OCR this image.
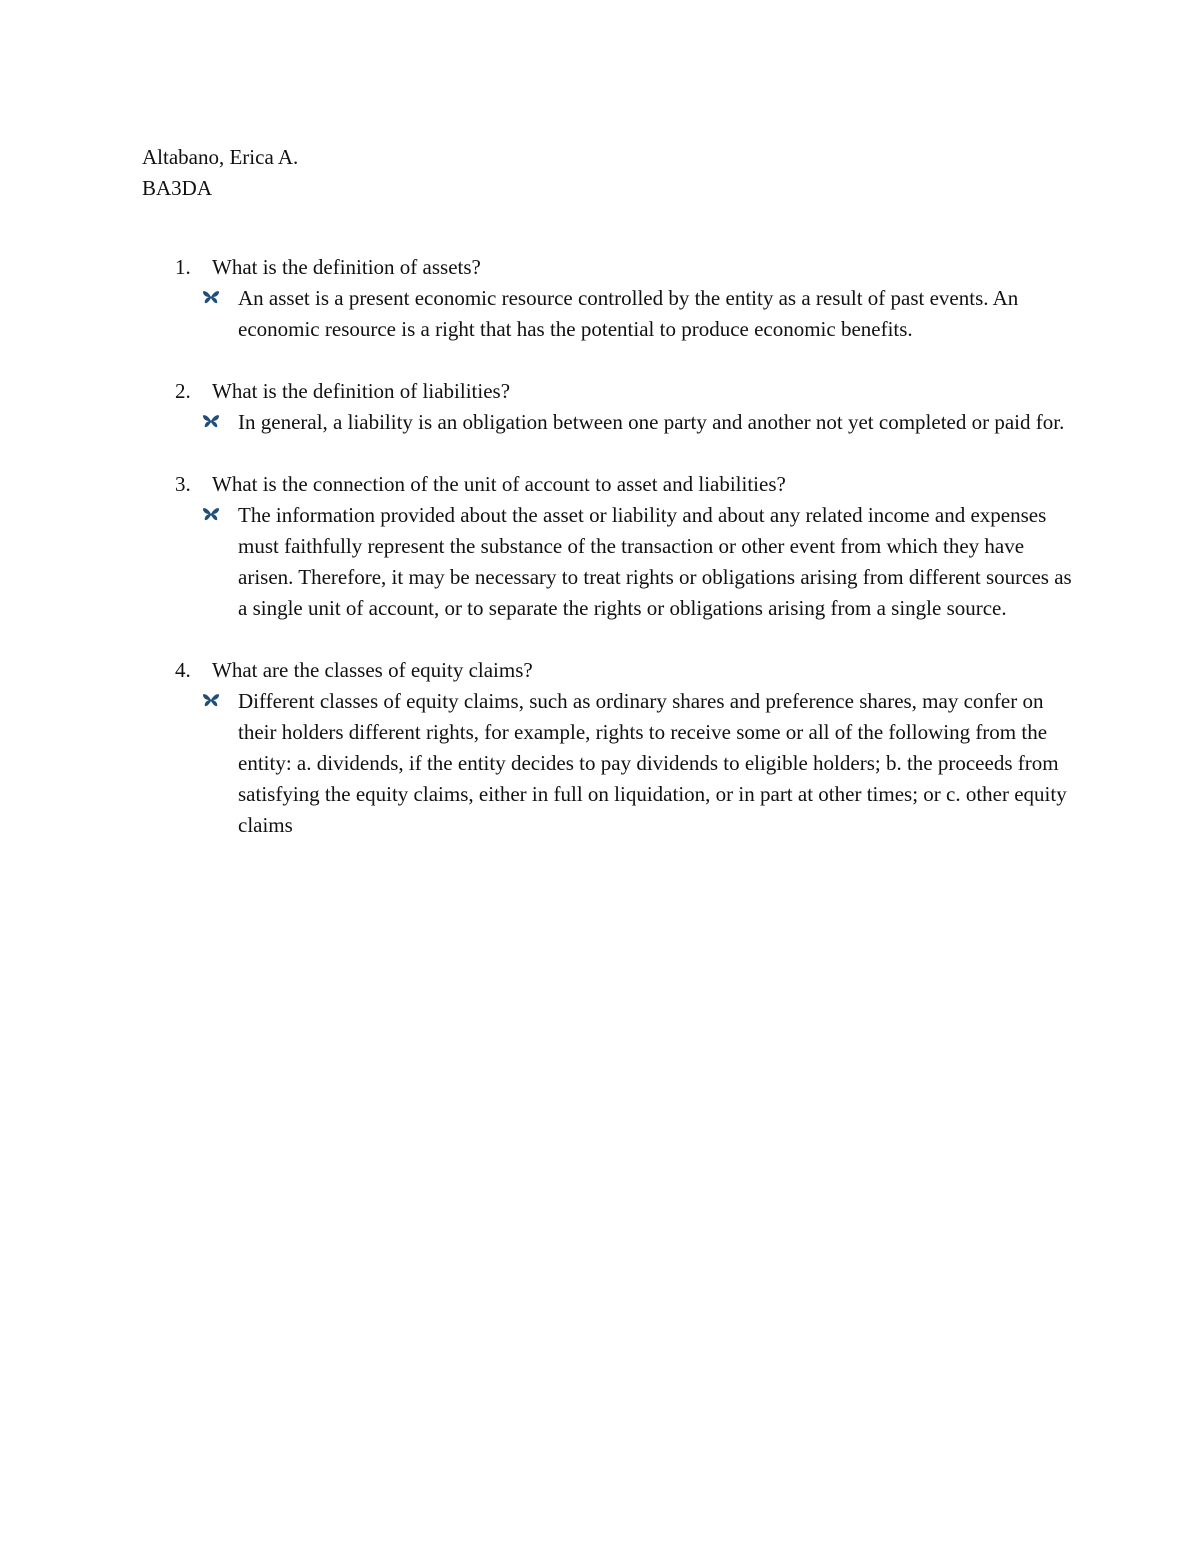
Altabano, Erica A.
BA3DA
1. What is the definition of assets?
An asset is a present economic resource controlled by the entity as a result of past events. An economic resource is a right that has the potential to produce economic benefits.
2. What is the definition of liabilities?
In general, a liability is an obligation between one party and another not yet completed or paid for.
3. What is the connection of the unit of account to asset and liabilities?
The information provided about the asset or liability and about any related income and expenses must faithfully represent the substance of the transaction or other event from which they have arisen. Therefore, it may be necessary to treat rights or obligations arising from different sources as a single unit of account, or to separate the rights or obligations arising from a single source.
4. What are the classes of equity claims?
Different classes of equity claims, such as ordinary shares and preference shares, may confer on their holders different rights, for example, rights to receive some or all of the following from the entity: a. dividends, if the entity decides to pay dividends to eligible holders; b. the proceeds from satisfying the equity claims, either in full on liquidation, or in part at other times; or c. other equity claims
